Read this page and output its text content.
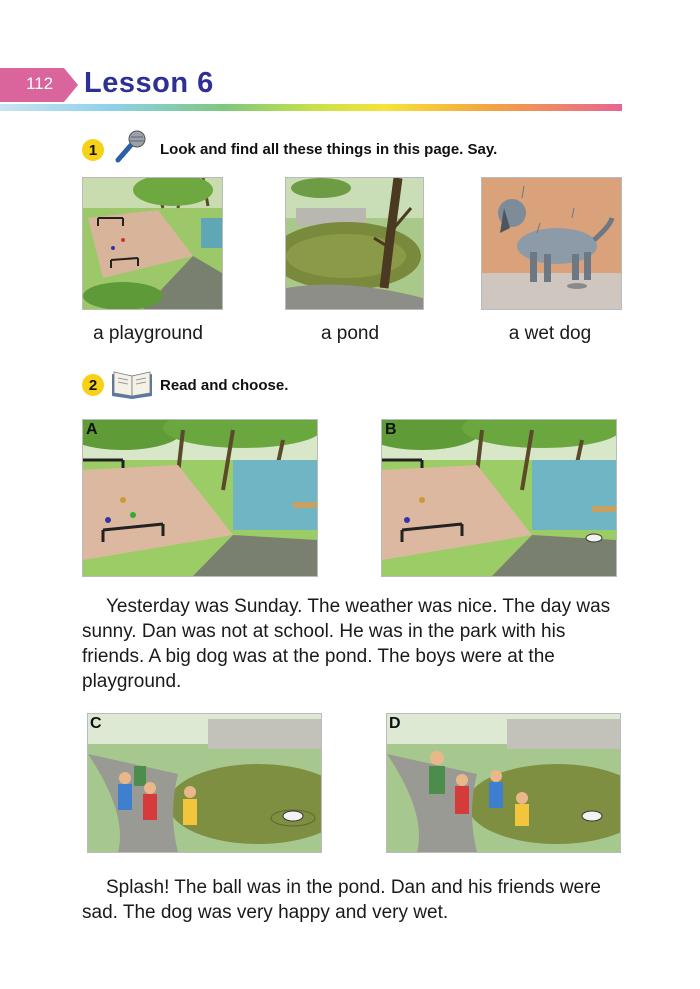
112 Lesson 6
1	Look and find all these things in this page. Say.
a playground	a pond	a wet dog
2	Read and choose.
A	B
Yesterday was Sunday. The weather was nice. The day was sunny. Dan was not at school. He was in the park with his friends. A big dog was at the pond. The boys were at the playground.
C	D
Splash! The ball was in the pond. Dan and his friends were sad. The dog was very happy and very wet.
